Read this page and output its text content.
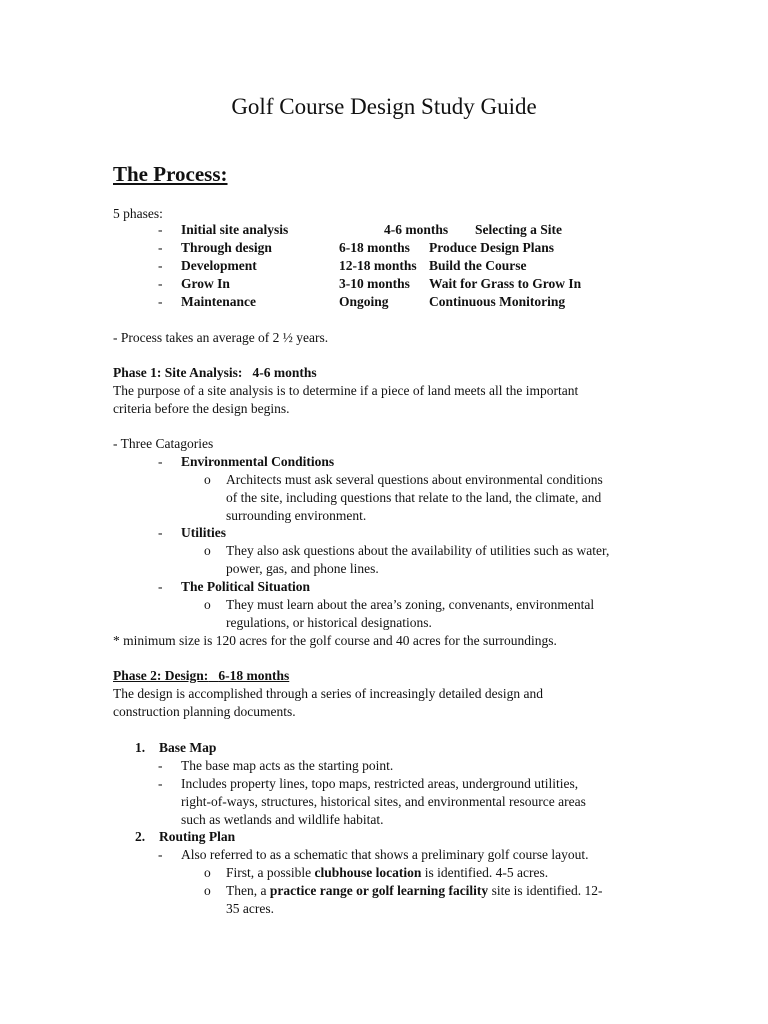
Golf Course Design Study Guide
The Process:
5 phases:
- Initial site analysis	4-6 months Selecting a Site
- Through design	6-18 months Produce Design Plans
- Development	12-18 months Build the Course
- Grow In	3-10 months Wait for Grass to Grow In
- Maintenance	Ongoing	Continuous Monitoring
- Process takes an average of 2 ½ years.
Phase 1: Site Analysis: 4-6 months
The purpose of a site analysis is to determine if a piece of land meets all the important
criteria before the design begins.
- Three Catagories
- Environmental Conditions
o Architects must ask several questions about environmental conditions
of the site, including questions that relate to the land, the climate, and
surrounding environment.
- Utilities
o They also ask questions about the availability of utilities such as water,
power, gas, and phone lines.
- The Political Situation
o They must learn about the area’s zoning, convenants, environmental
regulations, or historical designations.
* minimum size is 120 acres for the golf course and 40 acres for the surroundings.
Phase 2: Design: 6-18 months
The design is accomplished through a series of increasingly detailed design and
construction planning documents.
1. Base Map
- The base map acts as the starting point.
- Includes property lines, topo maps, restricted areas, underground utilities,
right-of-ways, structures, historical sites, and environmental resource areas
such as wetlands and wildlife habitat.
2. Routing Plan
- Also referred to as a schematic that shows a preliminary golf course layout.
o First, a possible clubhouse location is identified. 4-5 acres.
o Then, a practice range or golf learning facility site is identified. 12-
35 acres.
